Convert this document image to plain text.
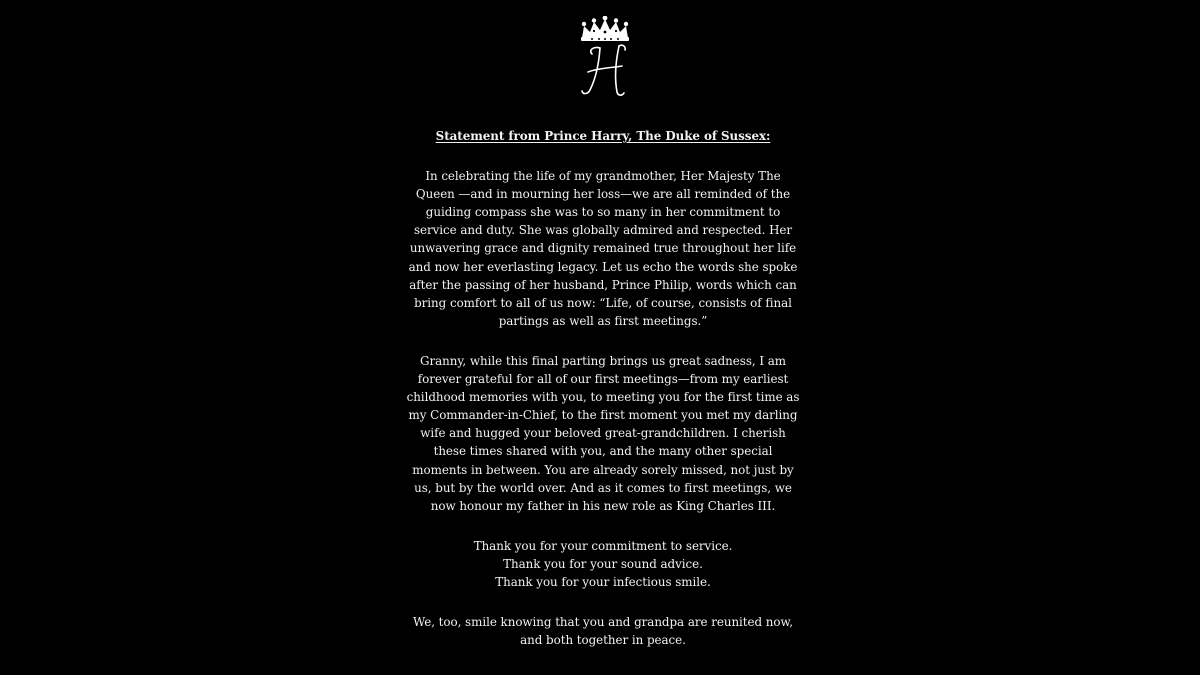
Statement from Prince Harry, The Duke of Sussex:
In celebrating the life of my grandmother, Her Majesty The Queen —and in mourning her loss—we are all reminded of the guiding compass she was to so many in her commitment to service and duty. She was globally admired and respected. Her unwavering grace and dignity remained true throughout her life and now her everlasting legacy. Let us echo the words she spoke after the passing of her husband, Prince Philip, words which can bring comfort to all of us now: “Life, of course, consists of final partings as well as first meetings.”
Granny, while this final parting brings us great sadness, I am forever grateful for all of our first meetings—from my earliest childhood memories with you, to meeting you for the first time as my Commander-in-Chief, to the first moment you met my darling wife and hugged your beloved great-grandchildren. I cherish these times shared with you, and the many other special moments in between. You are already sorely missed, not just by us, but by the world over. And as it comes to first meetings, we now honour my father in his new role as King Charles III.
Thank you for your commitment to service.
Thank you for your sound advice.
Thank you for your infectious smile.
We, too, smile knowing that you and grandpa are reunited now, and both together in peace.
